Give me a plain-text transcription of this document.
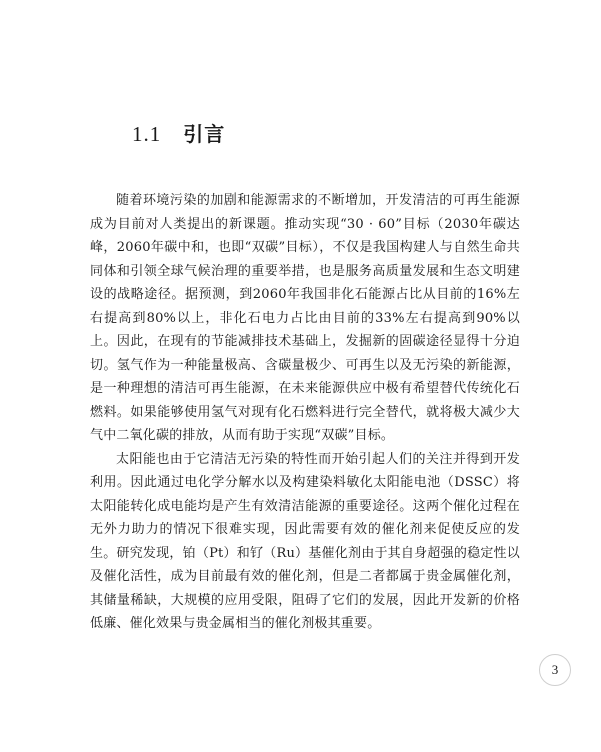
1.1 引言

随着环境污染的加剧和能源需求的不断增加，开发清洁的可再生能源成为目前对人类提出的新课题。推动实现“30 · 60”目标（2030年碳达峰，2060年碳中和，也即“双碳”目标），不仅是我国构建人与自然生命共同体和引领全球气候治理的重要举措，也是服务高质量发展和生态文明建设的战略途径。据预测，到2060年我国非化石能源占比从目前的16%左右提高到80%以上，非化石电力占比由目前的33%左右提高到90%以上。因此，在现有的节能减排技术基础上，发掘新的固碳途径显得十分迫切。氢气作为一种能量极高、含碳量极少、可再生以及无污染的新能源，是一种理想的清洁可再生能源，在未来能源供应中极有希望替代传统化石燃料。如果能够使用氢气对现有化石燃料进行完全替代，就将极大减少大气中二氧化碳的排放，从而有助于实现“双碳”目标。

太阳能也由于它清洁无污染的特性而开始引起人们的关注并得到开发利用。因此通过电化学分解水以及构建染料敏化太阳能电池（DSSC）将太阳能转化成电能均是产生有效清洁能源的重要途径。这两个催化过程在无外力助力的情况下很难实现，因此需要有效的催化剂来促使反应的发生。研究发现，铂（Pt）和钌（Ru）基催化剂由于其自身超强的稳定性以及催化活性，成为目前最有效的催化剂，但是二者都属于贵金属催化剂，其储量稀缺，大规模的应用受限，阻碍了它们的发展，因此开发新的价格低廉、催化效果与贵金属相当的催化剂极其重要。

3
